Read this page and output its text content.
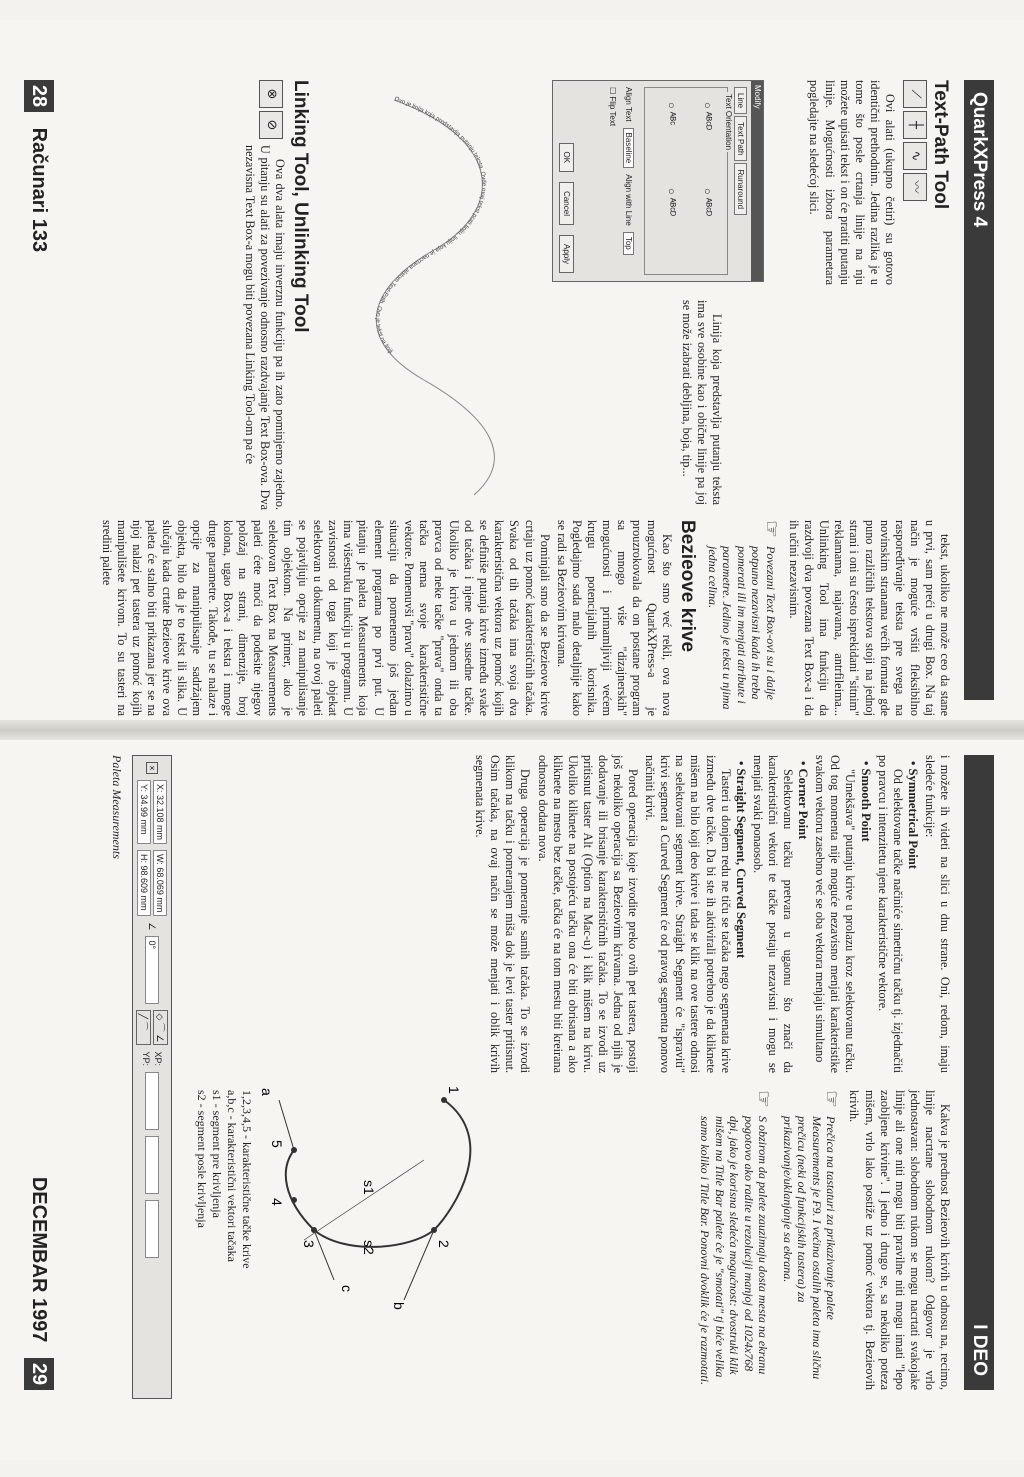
QuarkXPress 4
Text-Path Tool
⟋
┼
∿
〰

Ovi alati (ukupno četiri) su gotovo identični prethodnim. Jedina razlika je u tome što posle crtanja linije na nju možete upisati tekst i on će pratiti putanju linije. Mogućnosti izbora parametara pogledajte na sledećoj slici.

Modify
Line
Text Path
Runaround
Text Orientation
○ ᴬᴮᶜᴰ
○ ᴬᴮᶜᴰ
○ ᴬᴮᶜ
○ ᴬᴮᶜᴰ
Align Text
Baseline
Align with Line
Top
☐ Flip Text
OK
Cancel
Apply

Linija koja predstavlja putanju teksta ima sve osobine kao i obične linije pa joj se može izabrati debljina, boja, tip...

Ovo je linija koja predstavlja putanju teksta. Ovde ovaj tekst prati liniju, liniju koja je nacrtana alatom Text-Path. Ovo je tekst na liniji.
Linking Tool, Unlinking Tool
⊗
⊘

Ova dva alata imaju inverznu funkciju pa ih zato pominjemo zajedno. U pitanju su alati za povezivanje odnosno razdvajanje Text Box-ova. Dva nezavisna Text Box-a mogu biti povezana Linking Tool-om pa će

tekst, ukoliko ne može ceo da stane u prvi, sam preći u drugi Box. Na taj način je moguće vršiti fleksibilno raspoređivanje teksta pre svega na novinskim stranama većih formata gde puno različitih tekstova stoji na jednoj strani i oni su često isprekidani "sitnim" reklamama, najavama, antrfileima... Unlinking Tool ima funkciju da razdvoji dva povezana Text Box-a i da ih učini nezavisnim.

☞
Povezani Text Box-ovi su i dalje potpuno nezavisni kada ih treba pomerati ili im menjati atribute i parametre. Jedino je tekst u njima jedna celina.
Bezieove krive

Kao što smo već rekli, ova nova mogućnost QuarkXPress-a je prouzrokovala da on postane program sa mnogo više "dizajnerskih" mogućnosti i primamljiviji većem krugu potencijalnih korisnika. Pogledajmo sada malo detaljnije kako se radi sa Bezieovim krivama.

Pominjali smo da se Bezieove krive crtaju uz pomoć karakterističnih tačaka. Svaka od tih tačaka ima svoja dva karakteristična vektora uz pomoć kojih se definiše putanja krive između svake od tačaka i njene dve susedne tačke. Ukoliko je kriva u jednom ili oba pravca od neke tačke "prava" onda ta tačka nema svoje karakteristične vektore. Pomenuvši "pravu" dolazimo u situaciju da pomenemo još jedan element programa po prvi put. U pitanju je paleta Measurements koja ima višestruku funkciju u programu. U zavisnosti od toga koji je objekat selektovan u dokumentu, na ovoj paleti se pojavljuju opcije za manipulisanje tim objektom. Na primer, ako je selektovan Text Box na Measurements paleti ćete moći da podesite njegov položaj na strani, dimenzije, broj kolona, ugao Box-a i teksta i mnoge druge parametre. Takođe, tu se nalaze i opcije za manipulisanje sadržajem objekta, bilo da je to tekst ili slika. U slučaju kada crtate Bezieove krive ova paleta će stalno biti prikazana jer se na njoj nalazi pet tastera uz pomoć kojih manipulišete krivom. To su tasteri na sredini palete

28 Računari 133
I DEO

i možete ih videti na slici u dnu strane. Oni, redom, imaju sledeće funkcije:

• Symmetrical Point

Od selektovane tačke načiniće simetričnu tačku tj. izjednačiti po pravcu i intenzitetu njene karakteristične vektore.

• Smooth Point

"Umekšava" putanju krive u prolazu kroz selektovanu tačku. Od tog momenta nije moguće nezavisno menjati karakteristike svakom vektoru zasebno već se oba vektora menjaju simultano

• Corner Point

Selektovanu tačku pretvara u ugaonu što znači da karakteristični vektori te tačke postaju nezavisni i mogu se menjati svaki ponaosob.

• Straight Segment, Curved Segment

Tasteri u donjem redu ne tiču se tačaka nego segmenata krive između dve tačke. Da bi ste ih aktivirali potrebno je da kliknete mišem na bilo koji deo krive i tada se klik na ove tastere odnosi na selektovani segment krive. Straight Segment će "ispraviti" krivi segment a Curved Segment će od pravog segmenta ponovo načiniti krivi.

Pored operacija koje izvodite preko ovih pet tastera, postoji još nekoliko operacija sa Bezieovim krivama. Jedna od njih je dodavanje ili brisanje karakterističnih tačaka. To se izvodi uz pritisnut taster Alt (Option na Mac-u) i klik mišem na krivu. Ukoliko kliknete na postojeću tačku ona će biti obrisana a ako kliknete na mesto bez tačke, tačka će na tom mestu biti kreirana odnosno dodata nova.

Druga operacija je pomeranje samih tačaka. To se izvodi klikom na tačku i pomeranjem miša dok je levi taster pritisnut. Osim tačaka, na ovaj način se može menjati i oblik krivih segmenata krive.

Kakva je prednost Bezieovih krivih u odnosu na, recimo, linije nacrtane slobodnom rukom? Odgovor je vrlo jednostavan: slobodnom rukom se mogu nacrtati svakojake linije ali one niti mogu biti pravilne niti mogu imati "lepo zaobljene krivine". I jedno i drugo se, sa nekoliko poteza mišem, vrlo lako postiže uz pomoć vektora tj. Bezieovih krivih.

☞
Prečica na tastaturi za prikazivanje palete Measurements je F9. I većina ostalih paleta ima sličnu prečicu (neki od funkcijskih tastera) za prikazivanje/uklanjanje sa ekrana.
☞
S obzirom da palete zauzimaju dosta mesta na ekranu pogotovo ako radite u rezoluciji manjoj od 1024x768 dpi, jako je korisna sledeća mogućnost: dvostruki klik mišem na Title Bar palete će je "smotati" tj biće velika samo koliko i Title Bar. Ponovni dvoklik će je razmotati.
1
2
3
4
5
a
b
c
s1
s2
1,2,3,4,5 - karakteristične tačke krive
a,b,c - karakteristični vektori tačaka
s1 - segment pre krivljenja
s2 - segment posle krivljenja
×
X: 32.108 mm
Y: 34.99 mm
W: 68.069 mm
H: 98.609 mm
∠
0°
◇ ⌒ ∠
╱ ⌒
XP:
YP:
Paleta Measurements
DECEMBAR 1997 29
